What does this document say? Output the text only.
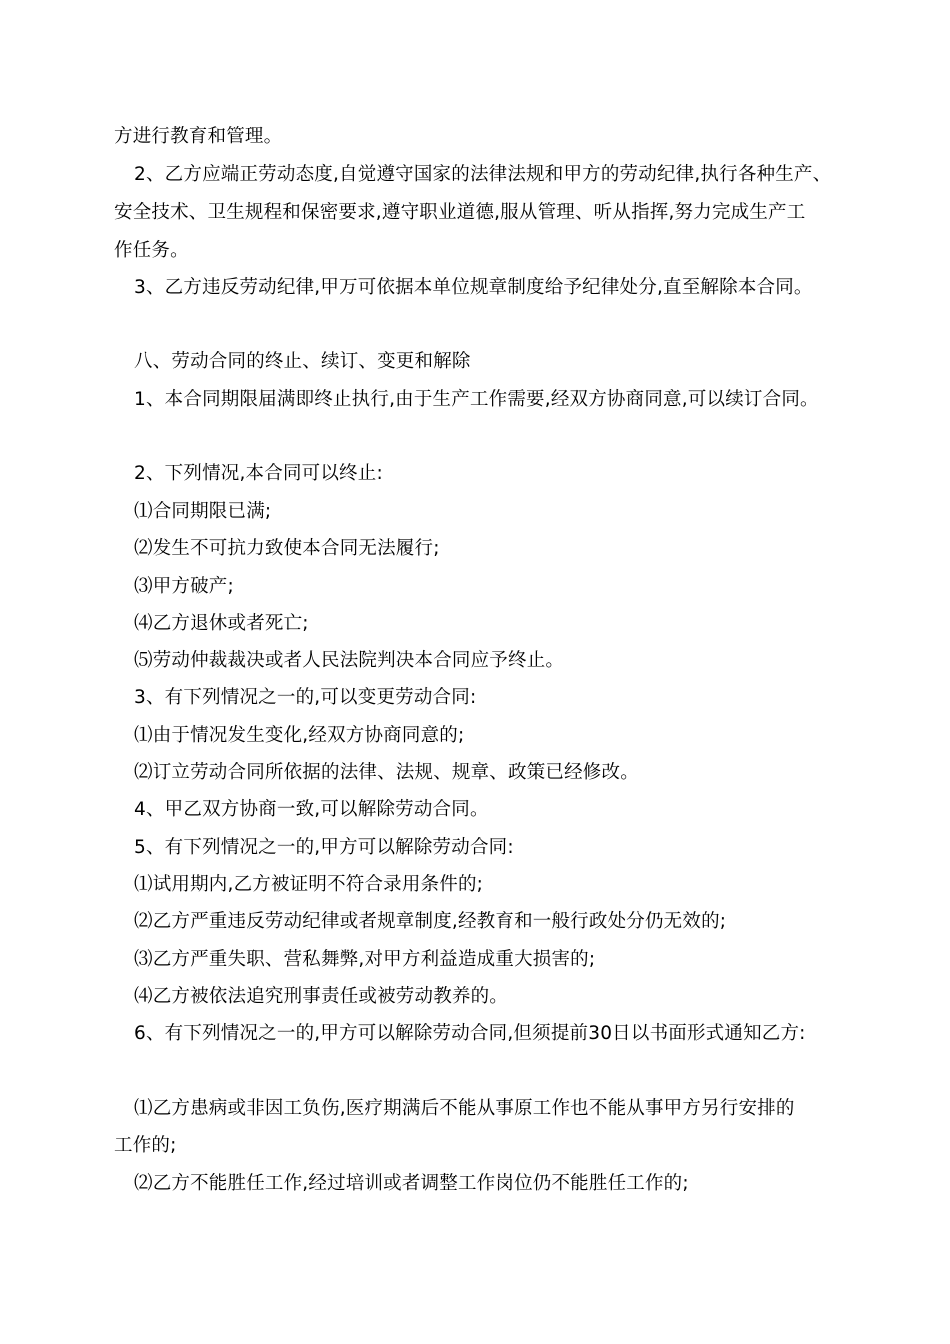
方进行教育和管理。
2、乙方应端正劳动态度,自觉遵守国家的法律法规和甲方的劳动纪律,执行各种生产、
安全技术、卫生规程和保密要求,遵守职业道德,服从管理、听从指挥,努力完成生产工
作任务。
3、乙方违反劳动纪律,甲万可依据本单位规章制度给予纪律处分,直至解除本合同。
八、劳动合同的终止、续订、变更和解除
1、本合同期限届满即终止执行,由于生产工作需要,经双方协商同意,可以续订合同。
2、下列情况,本合同可以终止:
⑴合同期限已满;
⑵发生不可抗力致使本合同无法履行;
⑶甲方破产;
⑷乙方退休或者死亡;
⑸劳动仲裁裁决或者人民法院判决本合同应予终止。
3、有下列情况之一的,可以变更劳动合同:
⑴由于情况发生变化,经双方协商同意的;
⑵订立劳动合同所依据的法律、法规、规章、政策已经修改。
4、甲乙双方协商一致,可以解除劳动合同。
5、有下列情况之一的,甲方可以解除劳动合同:
⑴试用期内,乙方被证明不符合录用条件的;
⑵乙方严重违反劳动纪律或者规章制度,经教育和一般行政处分仍无效的;
⑶乙方严重失职、营私舞弊,对甲方利益造成重大损害的;
⑷乙方被依法追究刑事责任或被劳动教养的。
6、有下列情况之一的,甲方可以解除劳动合同,但须提前30日以书面形式通知乙方:
⑴乙方患病或非因工负伤,医疗期满后不能从事原工作也不能从事甲方另行安排的
工作的;
⑵乙方不能胜任工作,经过培训或者调整工作岗位仍不能胜任工作的;
